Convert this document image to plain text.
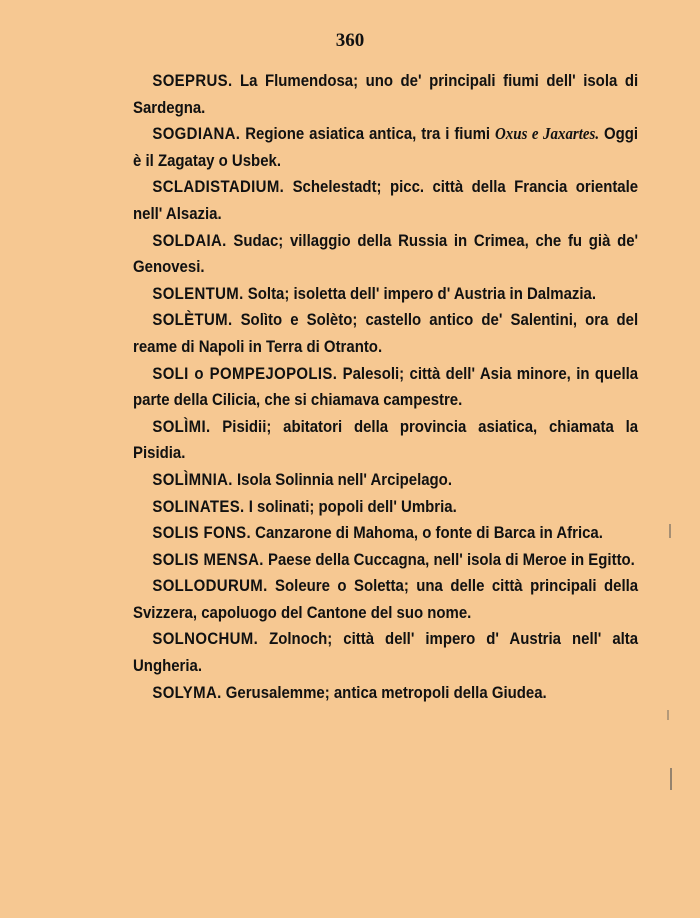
360

SOEPRUS. La Flumendosa; uno de' principali fiumi dell' isola di Sardegna.

SOGDIANA. Regione asiatica antica, tra i fiumi Oxus e Jaxartes. Oggi è il Zagatay o Usbek.

SCLADISTADIUM. Schelestadt; picc. città della Francia orientale nell' Alsazia.

SOLDAIA. Sudac; villaggio della Russia in Crimea, che fu già de' Genovesi.

SOLENTUM. Solta; isoletta dell' impero d' Austria in Dalmazia.

SOLÈTUM. Solìto e Solèto; castello antico de' Salentini, ora del reame di Napoli in Terra di Otranto.

SOLI o POMPEJOPOLIS. Palesoli; città dell' Asia minore, in quella parte della Cilicia, che si chiamava campestre.

SOLÌMI. Pisidii; abitatori della provincia asiatica, chiamata la Pisidia.

SOLÌMNIA. Isola Solinnia nell' Arcipelago.

SOLINATES. I solinati; popoli dell' Umbria.

SOLIS FONS. Canzarone di Mahoma, o fonte di Barca in Africa.

SOLIS MENSA. Paese della Cuccagna, nell' isola di Meroe in Egitto.

SOLLODURUM. Soleure o Soletta; una delle città principali della Svizzera, capoluogo del Cantone del suo nome.

SOLNOCHUM. Zolnoch; città dell' impero d' Austria nell' alta Ungheria.

SOLYMA. Gerusalemme; antica metropoli della Giudea.
